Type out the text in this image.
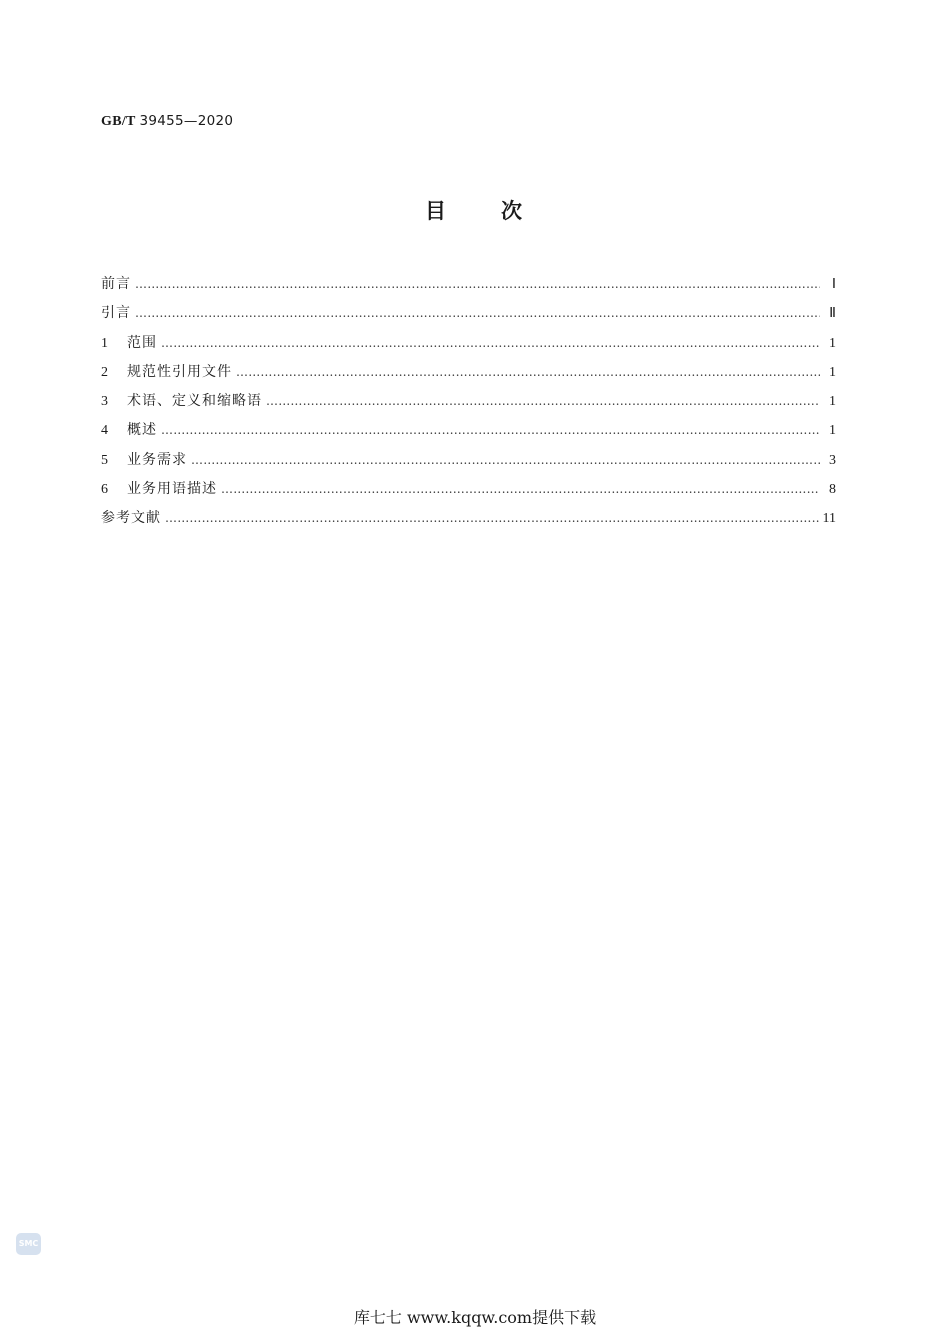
GB/T 39455—2020
目 次
前言 ……………………………………………………………………………………………………………………………………………………………………………………………………	Ⅰ
引言 ……………………………………………………………………………………………………………………………………………………………………………………………………	Ⅱ
1	范围 ……………………………………………………………………………………………………………………………………………………………………………………………………	1
2	规范性引用文件 ……………………………………………………………………………………………………………………………………………………………………………………………………	1
3	术语、定义和缩略语 ……………………………………………………………………………………………………………………………………………………………………………………………………	1
4	概述 ……………………………………………………………………………………………………………………………………………………………………………………………………	1
5	业务需求 ……………………………………………………………………………………………………………………………………………………………………………………………………	3
6	业务用语描述 ……………………………………………………………………………………………………………………………………………………………………………………………………	8
参考文献 ……………………………………………………………………………………………………………………………………………………………………………………………………	11
SMC
库七七 www.kqqw.com提供下载
